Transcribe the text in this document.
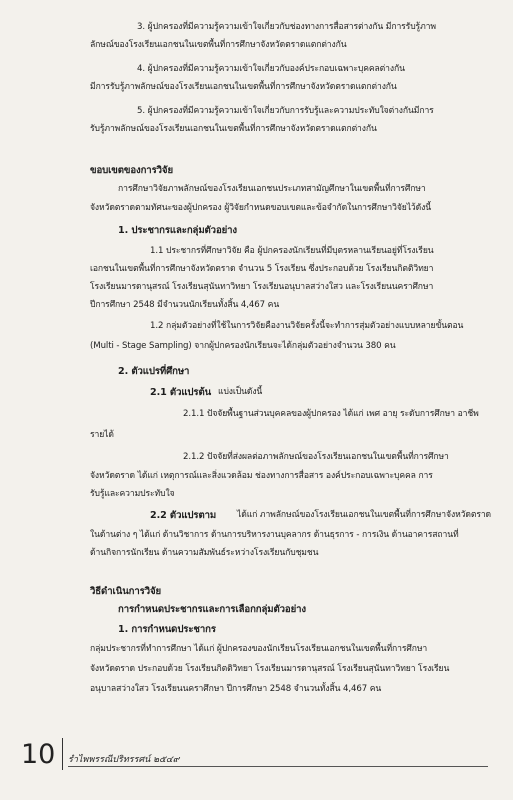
3. ผู้ปกครองที่มีความรู้ความเข้าใจเกี่ยวกับช่องทางการสื่อสารต่างกัน มีการรับรู้ภาพ
ลักษณ์ของโรงเรียนเอกชนในเขตพื้นที่การศึกษาจังหวัดตราดแตกต่างกัน
4. ผู้ปกครองที่มีความรู้ความเข้าใจเกี่ยวกับองค์ประกอบเฉพาะบุคคลต่างกัน
มีการรับรู้ภาพลักษณ์ของโรงเรียนเอกชนในเขตพื้นที่การศึกษาจังหวัดตราดแตกต่างกัน
5. ผู้ปกครองที่มีความรู้ความเข้าใจเกี่ยวกับการรับรู้และความประทับใจต่างกันมีการ
รับรู้ภาพลักษณ์ของโรงเรียนเอกชนในเขตพื้นที่การศึกษาจังหวัดตราดแตกต่างกัน
ขอบเขตของการวิจัย
การศึกษาวิจัยภาพลักษณ์ของโรงเรียนเอกชนประเภทสามัญศึกษาในเขตพื้นที่การศึกษา
จังหวัดตราดตามทัศนะของผู้ปกครอง ผู้วิจัยกำหนดขอบเขตและข้อจำกัดในการศึกษาวิจัยไว้ดังนี้
1. ประชากรและกลุ่มตัวอย่าง
1.1 ประชากรที่ศึกษาวิจัย คือ ผู้ปกครองนักเรียนที่มีบุตรหลานเรียนอยู่ที่โรงเรียน
เอกชนในเขตพื้นที่การศึกษาจังหวัดตราด จำนวน 5 โรงเรียน ซึ่งประกอบด้วย โรงเรียนกิตติวิทยา
โรงเรียนมารดานุสรณ์ โรงเรียนสุนันทาวิทยา โรงเรียนอนุบาลสว่างใสว และโรงเรียนนคราศึกษา
ปีการศึกษา 2548 มีจำนวนนักเรียนทั้งสิ้น 4,467 คน
1.2 กลุ่มตัวอย่างที่ใช้ในการวิจัยคืองานวิจัยครั้งนี้จะทำการสุ่มตัวอย่างแบบหลายขั้นตอน
(Multi - Stage Sampling) จากผู้ปกครองนักเรียนจะได้กลุ่มตัวอย่างจำนวน 380 คน
2. ตัวแปรที่ศึกษา
2.1 ตัวแปรต้น แบ่งเป็นดังนี้
2.1.1 ปัจจัยพื้นฐานส่วนบุคคลของผู้ปกครอง ได้แก่ เพศ อายุ ระดับการศึกษา อาชีพ
รายได้
2.1.2 ปัจจัยที่ส่งผลต่อภาพลักษณ์ของโรงเรียนเอกชนในเขตพื้นที่การศึกษา
จังหวัดตราด ได้แก่ เหตุการณ์และสิ่งแวดล้อม ช่องทางการสื่อสาร องค์ประกอบเฉพาะบุคคล การ
รับรู้และความประทับใจ
2.2 ตัวแปรตาม ได้แก่ ภาพลักษณ์ของโรงเรียนเอกชนในเขตพื้นที่การศึกษาจังหวัดตราด
ในด้านต่าง ๆ ได้แก่ ด้านวิชาการ ด้านการบริหารงานบุคลากร ด้านธุรการ - การเงิน ด้านอาคารสถานที่
ด้านกิจการนักเรียน ด้านความสัมพันธ์ระหว่างโรงเรียนกับชุมชน
วิธีดำเนินการวิจัย
การกำหนดประชากรและการเลือกกลุ่มตัวอย่าง
1. การกำหนดประชากร
กลุ่มประชากรที่ทำการศึกษา ได้แก่ ผู้ปกครองของนักเรียนโรงเรียนเอกชนในเขตพื้นที่การศึกษา
จังหวัดตราด ประกอบด้วย โรงเรียนกิตติวิทยา โรงเรียนมารดานุสรณ์ โรงเรียนสุนันทาวิทยา โรงเรียน
อนุบาลสว่างใสว โรงเรียนนคราศึกษา ปีการศึกษา 2548 จำนวนทั้งสิ้น 4,467 คน
10 รำไพพรรณีปริทรรศน์ ๒๕๔๙
